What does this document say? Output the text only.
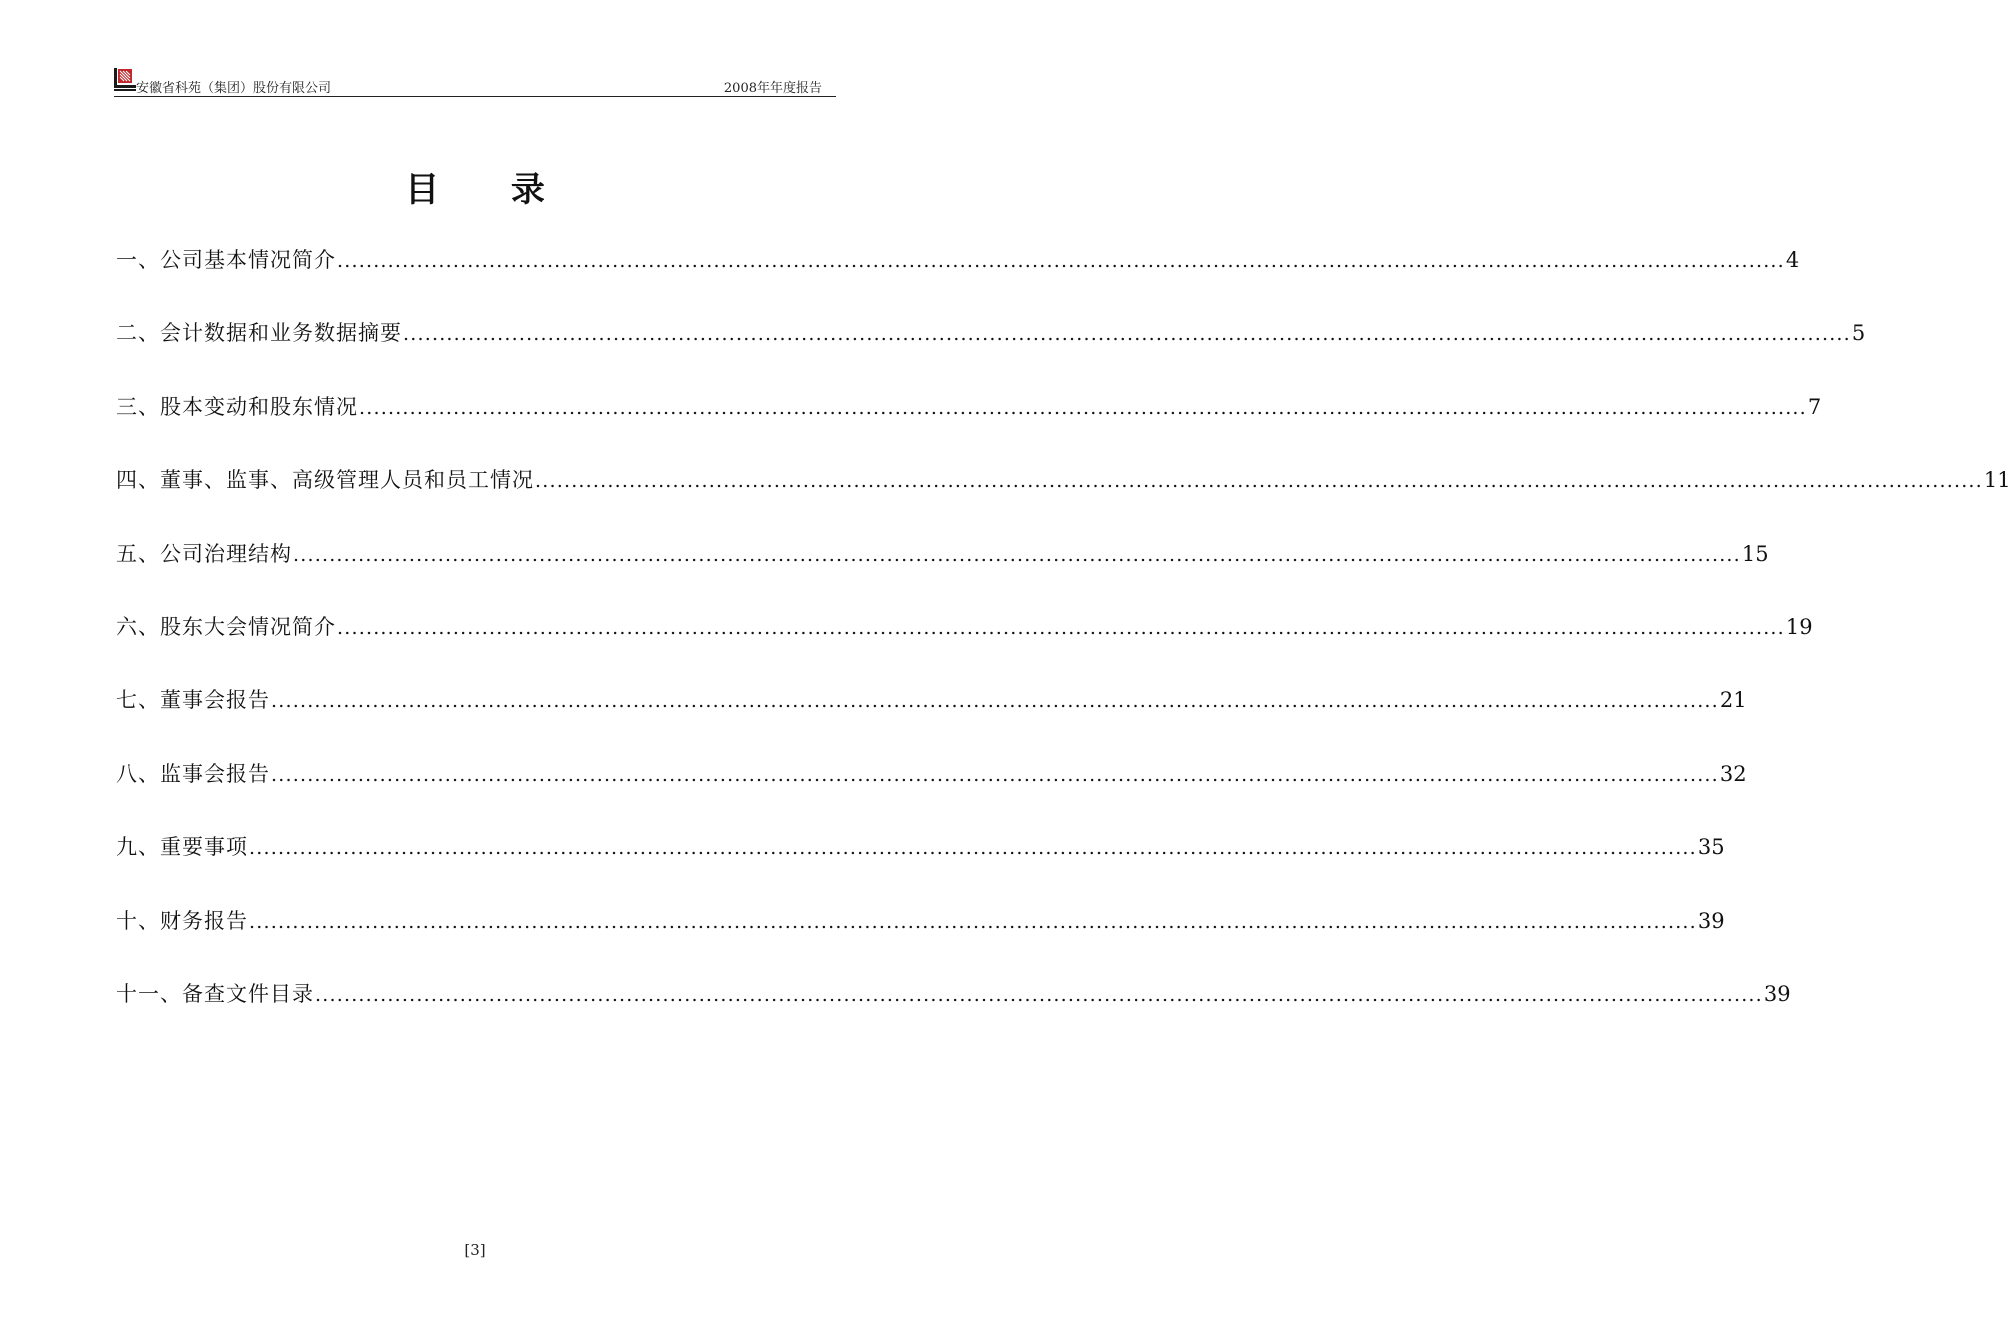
安徽省科苑（集团）股份有限公司	2008年年度报告
目 录
一、公司基本情况简介 ........................................................................................................................................................................................................ 4
二、会计数据和业务数据摘要 ........................................................................................................................................................................................................ 5
三、股本变动和股东情况 ........................................................................................................................................................................................................ 7
四、董事、监事、高级管理人员和员工情况 ........................................................................................................................................................................................................ 11
五、公司治理结构 ........................................................................................................................................................................................................ 15
六、股东大会情况简介 ........................................................................................................................................................................................................ 19
七、董事会报告 ........................................................................................................................................................................................................ 21
八、监事会报告 ........................................................................................................................................................................................................ 32
九、重要事项 ........................................................................................................................................................................................................ 35
十、财务报告 ........................................................................................................................................................................................................ 39
十一、备查文件目录 ........................................................................................................................................................................................................ 39
[3]
